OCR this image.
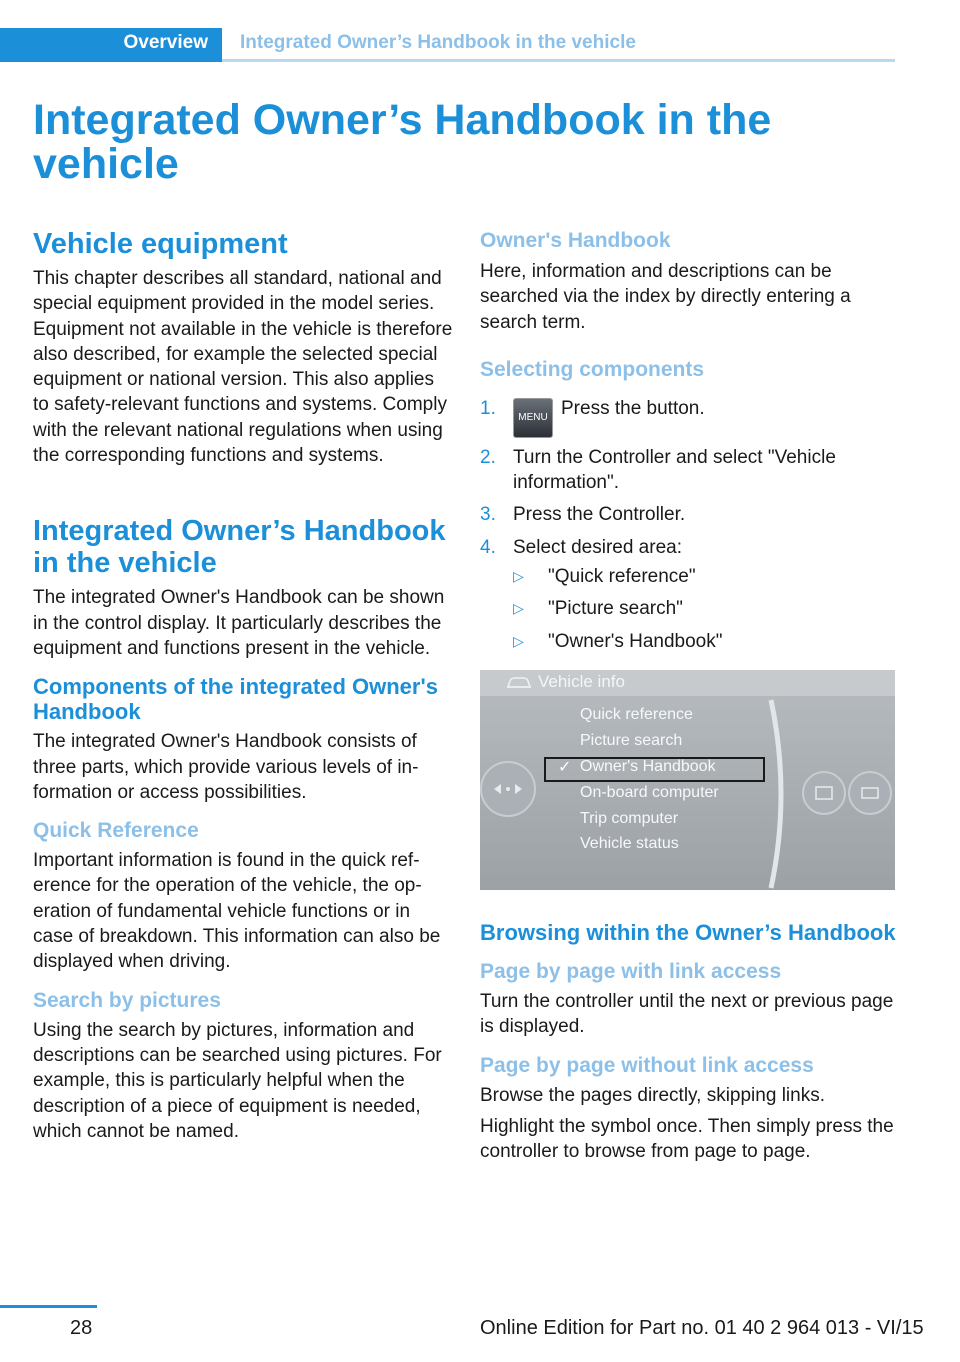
Overview	Integrated Owner’s Handbook in the vehicle
Integrated Owner’s Handbook in the vehicle
Vehicle equipment

This chapter describes all standard, national and special equipment provided in the model series. Equipment not available in the vehicle is therefore also described, for example the selected special equipment or national version. This also applies to safety-relevant functions and systems. Comply with the relevant national regulations when using the corresponding functions and systems.

Integrated Owner’s Handbook in the vehicle

The integrated Owner's Handbook can be shown in the control display. It particularly describes the equipment and functions present in the vehicle.

Components of the integrated Owner's Handbook

The integrated Owner's Handbook consists of three parts, which provide various levels of information or access possibilities.

Quick Reference

Important information is found in the quick reference for the operation of the vehicle, the operation of fundamental vehicle functions or in case of breakdown. This information can also be displayed when driving.

Search by pictures

Using the search by pictures, information and descriptions can be searched using pictures. For example, this is particularly helpful when the description of a piece of equipment is needed, which cannot be named.

Owner's Handbook

Here, information and descriptions can be searched via the index by directly entering a search term.

Selecting components
1. MENU Press the button.
2. Turn the Controller and select "Vehicle information".
3. Press the Controller.
4. Select desired area:
▷ "Quick reference"
▷ "Picture search"
▷ "Owner's Handbook"
Vehicle info
Quick reference
Picture search
✓ Owner's Handbook
On-board computer
Trip computer
Vehicle status
Browsing within the Owner’s Handbook
Page by page with link access

Turn the controller until the next or previous page is displayed.

Page by page without link access

Browse the pages directly, skipping links.

Highlight the symbol once. Then simply press the controller to browse from page to page.

28	Online Edition for Part no. 01 40 2 964 013 - VI/15
